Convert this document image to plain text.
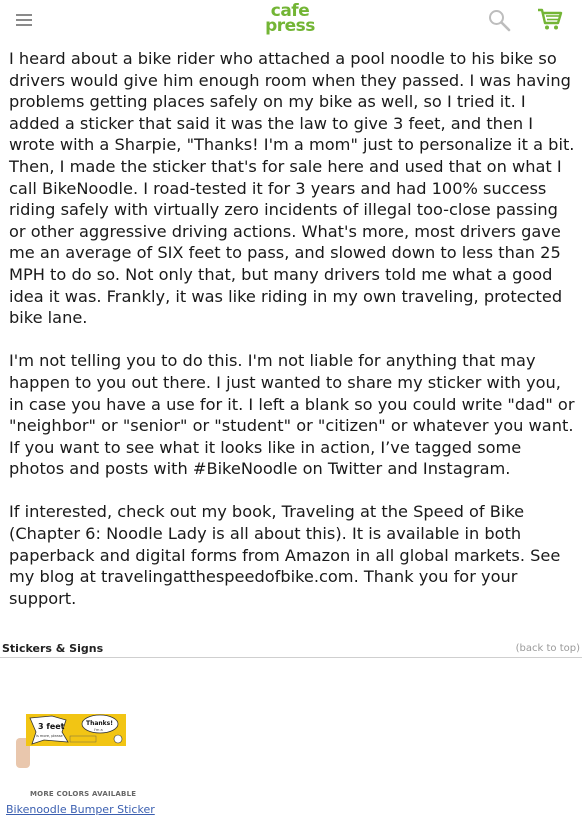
cafe
press

I heard about a bike rider who attached a pool noodle to his bike so drivers would give him enough room when they passed. I was having problems getting places safely on my bike as well, so I tried it. I added a sticker that said it was the law to give 3 feet, and then I wrote with a Sharpie, "Thanks! I'm a mom" just to personalize it a bit. Then, I made the sticker that's for sale here and used that on what I call BikeNoodle. I road-tested it for 3 years and had 100% success riding safely with virtually zero incidents of illegal too-close passing or other aggressive driving actions. What's more, most drivers gave me an average of SIX feet to pass, and slowed down to less than 25 MPH to do so. Not only that, but many drivers told me what a good idea it was. Frankly, it was like riding in my own traveling, protected bike lane.

I'm not telling you to do this. I'm not liable for anything that may happen to you out there. I just wanted to share my sticker with you, in case you have a use for it. I left a blank so you could write "dad" or "neighbor" or "senior" or "student" or "citizen" or whatever you want. If you want to see what it looks like in action, I’ve tagged some photos and posts with #BikeNoodle on Twitter and Instagram.

If interested, check out my book, Traveling at the Speed of Bike (Chapter 6: Noodle Lady is all about this). It is available in both paperback and digital forms from Amazon in all global markets. See my blog at travelingatthespeedofbike.com. Thank you for your support.

Stickers & Signs	(back to top)
3 feet
is more, please
Thanks!
I'm a
MORE COLORS AVAILABLE
Bikenoodle Bumper Sticker
